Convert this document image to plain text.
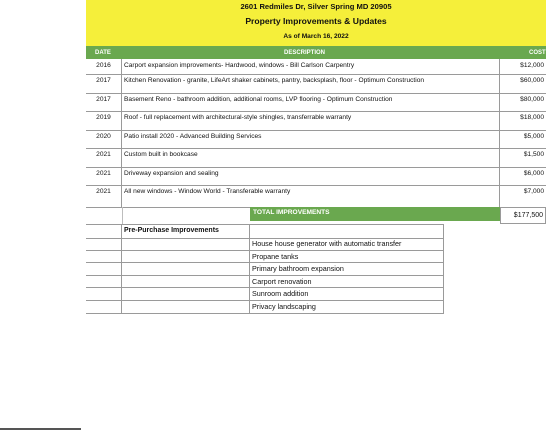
2601 Redmiles Dr, Silver Spring MD 20905
Property Improvements & Updates
As of March 16, 2022
DATE	DESCRIPTION	COST
2016	Carport expansion improvements- Hardwood, windows - Bill Carlson Carpentry	$12,000
2017	Kitchen Renovation - granite, LifeArt shaker cabinets, pantry, backsplash, floor - Optimum Construction	$60,000
2017	Basement Reno - bathroom addition, additional rooms, LVP flooring - Optimum Construction	$80,000
2019	Roof - full replacement with architectural-style shingles, transferrable warranty	$18,000
2020	Patio install 2020 - Advanced Building Services	$5,000
2021	Custom built in bookcase	$1,500
2021	Driveway expansion and sealing	$6,000
2021	All new windows - Window World - Transferable warranty	$7,000
TOTAL IMPROVEMENTS	$177,500
Pre-Purchase Improvements
House house generator with automatic transfer
Propane tanks
Primary bathroom expansion
Carport renovation
Sunroom addition
Privacy landscaping
